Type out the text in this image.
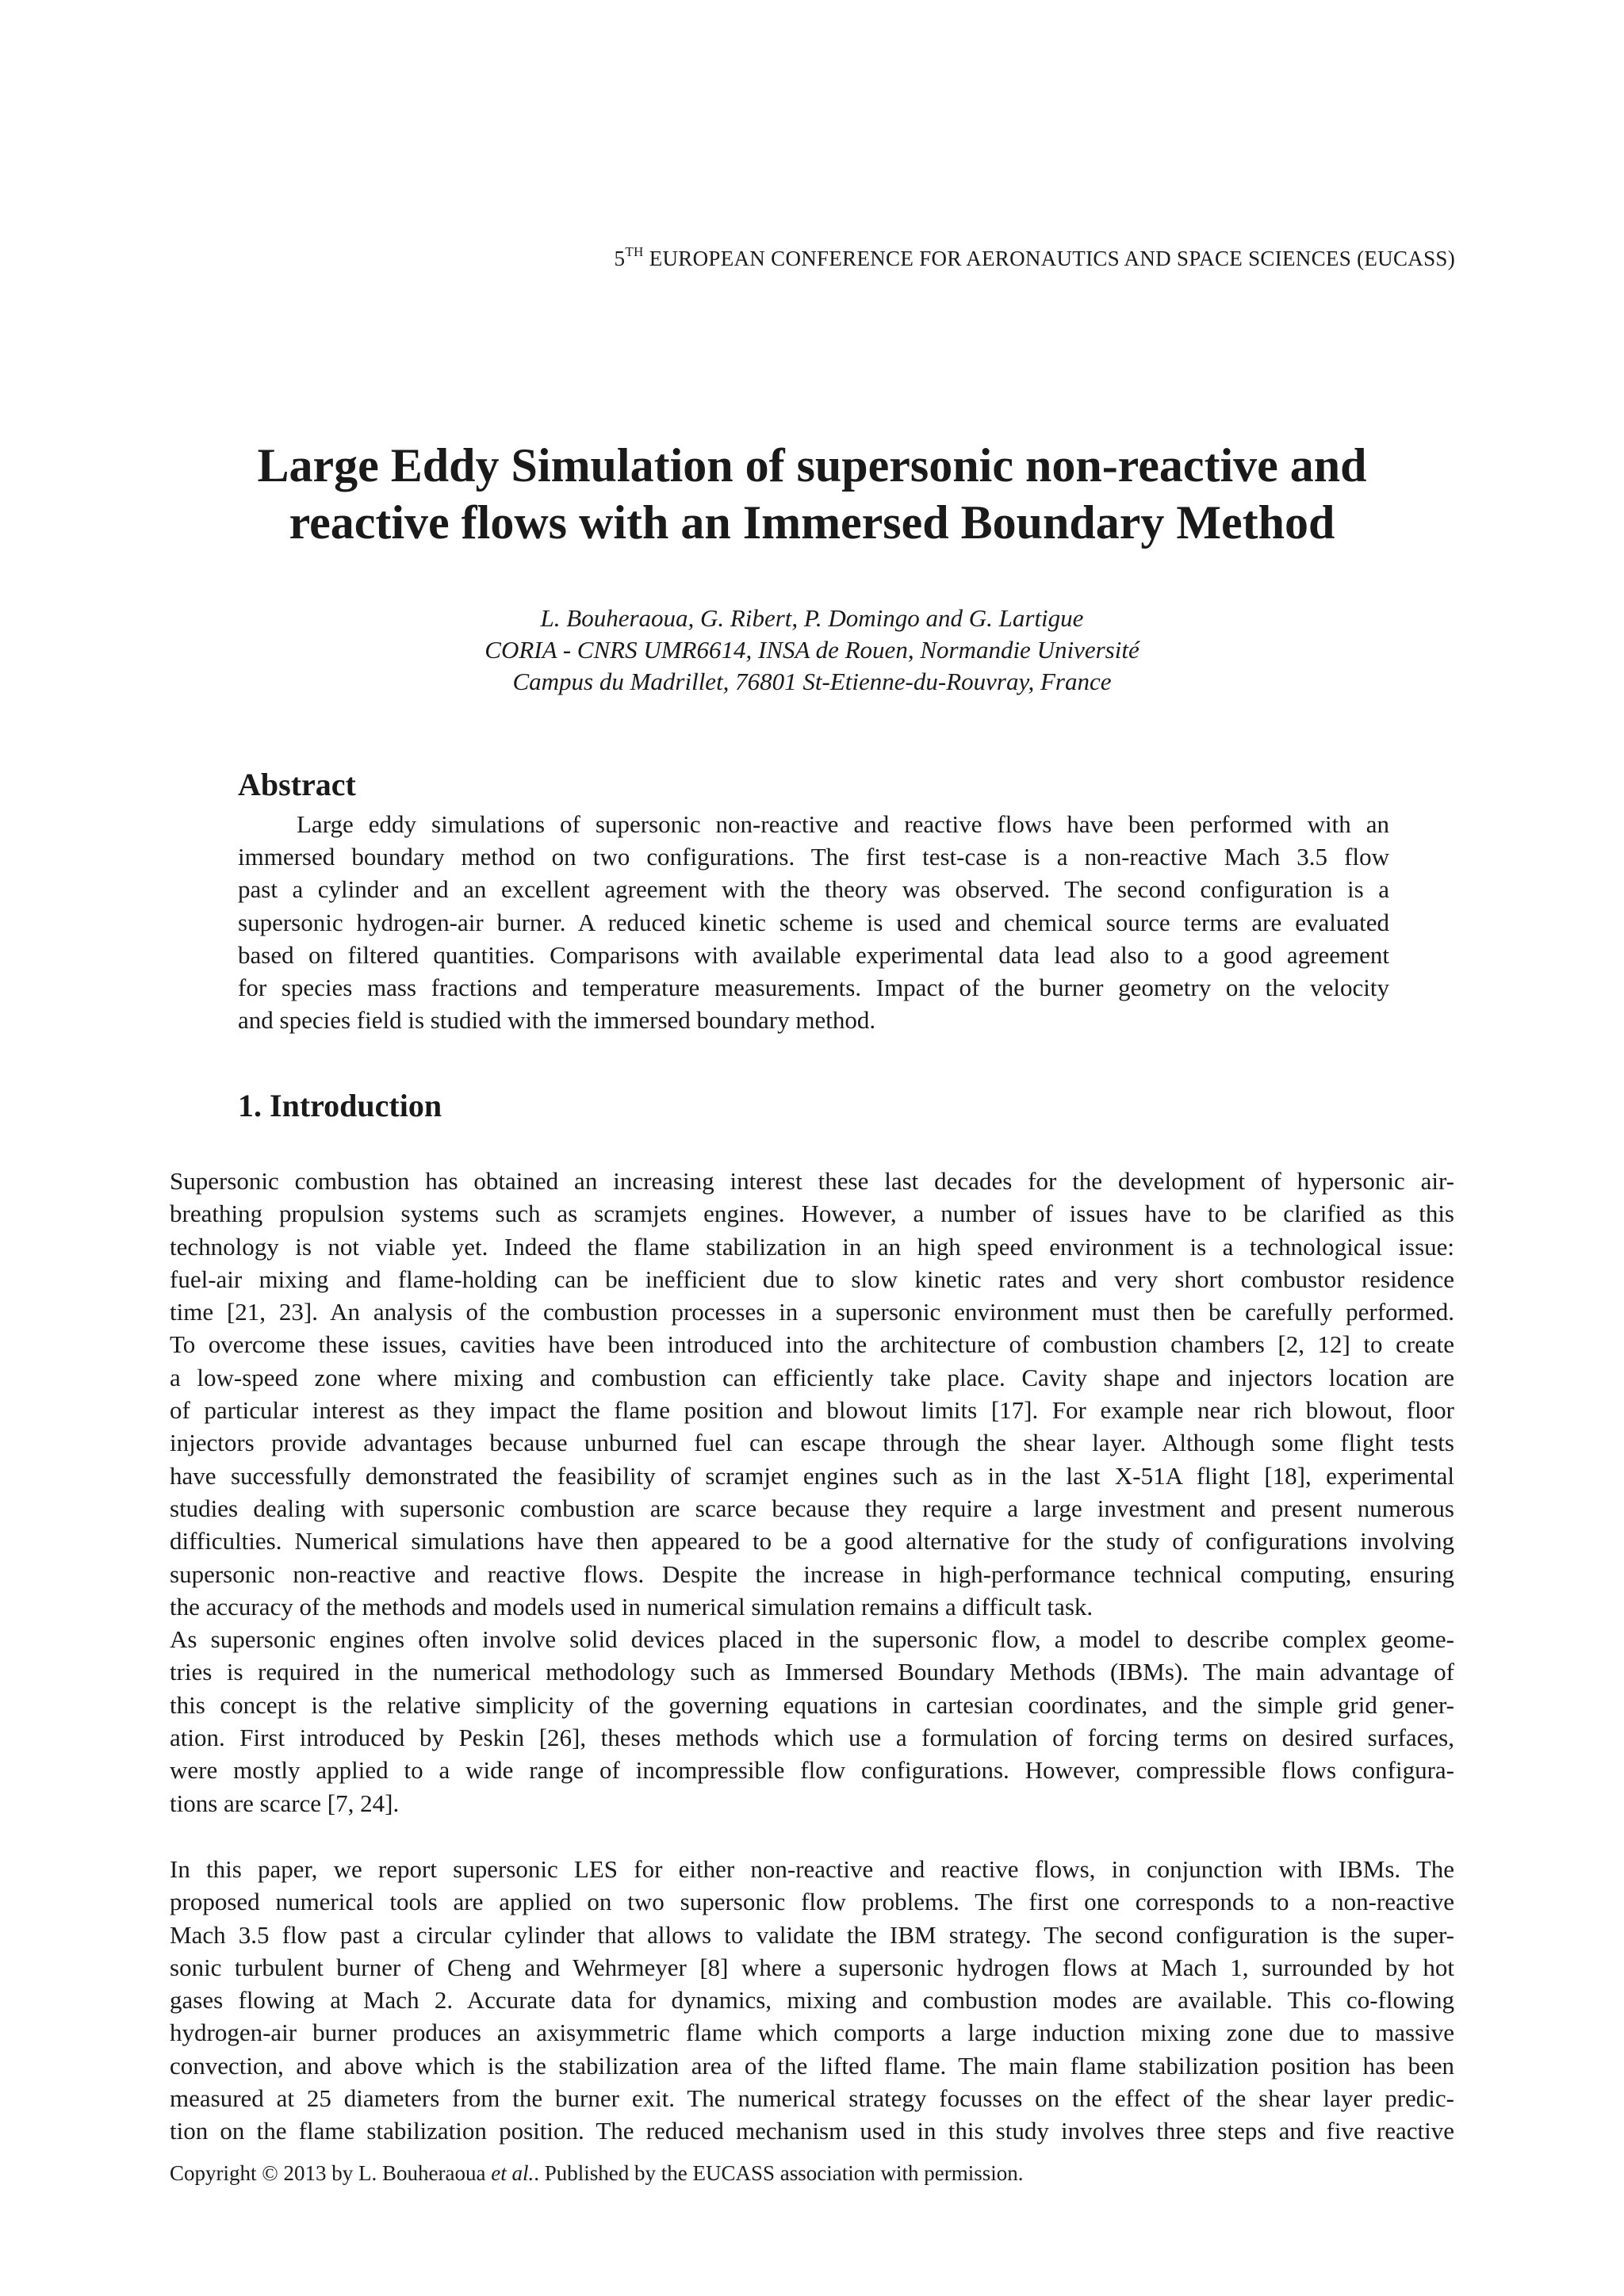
5TH EUROPEAN CONFERENCE FOR AERONAUTICS AND SPACE SCIENCES (EUCASS)
Large Eddy Simulation of supersonic non-reactive and
reactive flows with an Immersed Boundary Method
L. Bouheraoua, G. Ribert, P. Domingo and G. Lartigue
CORIA - CNRS UMR6614, INSA de Rouen, Normandie Université
Campus du Madrillet, 76801 St-Etienne-du-Rouvray, France
Abstract
Large eddy simulations of supersonic non-reactive and reactive flows have been performed with an
immersed boundary method on two configurations. The first test-case is a non-reactive Mach 3.5 flow
past a cylinder and an excellent agreement with the theory was observed. The second configuration is a
supersonic hydrogen-air burner. A reduced kinetic scheme is used and chemical source terms are evaluated
based on filtered quantities. Comparisons with available experimental data lead also to a good agreement
for species mass fractions and temperature measurements. Impact of the burner geometry on the velocity
and species field is studied with the immersed boundary method.
1. Introduction
Supersonic combustion has obtained an increasing interest these last decades for the development of hypersonic air-
breathing propulsion systems such as scramjets engines. However, a number of issues have to be clarified as this
technology is not viable yet. Indeed the flame stabilization in an high speed environment is a technological issue:
fuel-air mixing and flame-holding can be inefficient due to slow kinetic rates and very short combustor residence
time [21, 23]. An analysis of the combustion processes in a supersonic environment must then be carefully performed.
To overcome these issues, cavities have been introduced into the architecture of combustion chambers [2, 12] to create
a low-speed zone where mixing and combustion can efficiently take place. Cavity shape and injectors location are
of particular interest as they impact the flame position and blowout limits [17]. For example near rich blowout, floor
injectors provide advantages because unburned fuel can escape through the shear layer. Although some flight tests
have successfully demonstrated the feasibility of scramjet engines such as in the last X-51A flight [18], experimental
studies dealing with supersonic combustion are scarce because they require a large investment and present numerous
difficulties. Numerical simulations have then appeared to be a good alternative for the study of configurations involving
supersonic non-reactive and reactive flows. Despite the increase in high-performance technical computing, ensuring
the accuracy of the methods and models used in numerical simulation remains a difficult task.
As supersonic engines often involve solid devices placed in the supersonic flow, a model to describe complex geome-
tries is required in the numerical methodology such as Immersed Boundary Methods (IBMs). The main advantage of
this concept is the relative simplicity of the governing equations in cartesian coordinates, and the simple grid gener-
ation. First introduced by Peskin [26], theses methods which use a formulation of forcing terms on desired surfaces,
were mostly applied to a wide range of incompressible flow configurations. However, compressible flows configura-
tions are scarce [7, 24].
In this paper, we report supersonic LES for either non-reactive and reactive flows, in conjunction with IBMs. The
proposed numerical tools are applied on two supersonic flow problems. The first one corresponds to a non-reactive
Mach 3.5 flow past a circular cylinder that allows to validate the IBM strategy. The second configuration is the super-
sonic turbulent burner of Cheng and Wehrmeyer [8] where a supersonic hydrogen flows at Mach 1, surrounded by hot
gases flowing at Mach 2. Accurate data for dynamics, mixing and combustion modes are available. This co-flowing
hydrogen-air burner produces an axisymmetric flame which comports a large induction mixing zone due to massive
convection, and above which is the stabilization area of the lifted flame. The main flame stabilization position has been
measured at 25 diameters from the burner exit. The numerical strategy focusses on the effect of the shear layer predic-
tion on the flame stabilization position. The reduced mechanism used in this study involves three steps and five reactive
Copyright © 2013 by L. Bouheraoua et al.. Published by the EUCASS association with permission.
